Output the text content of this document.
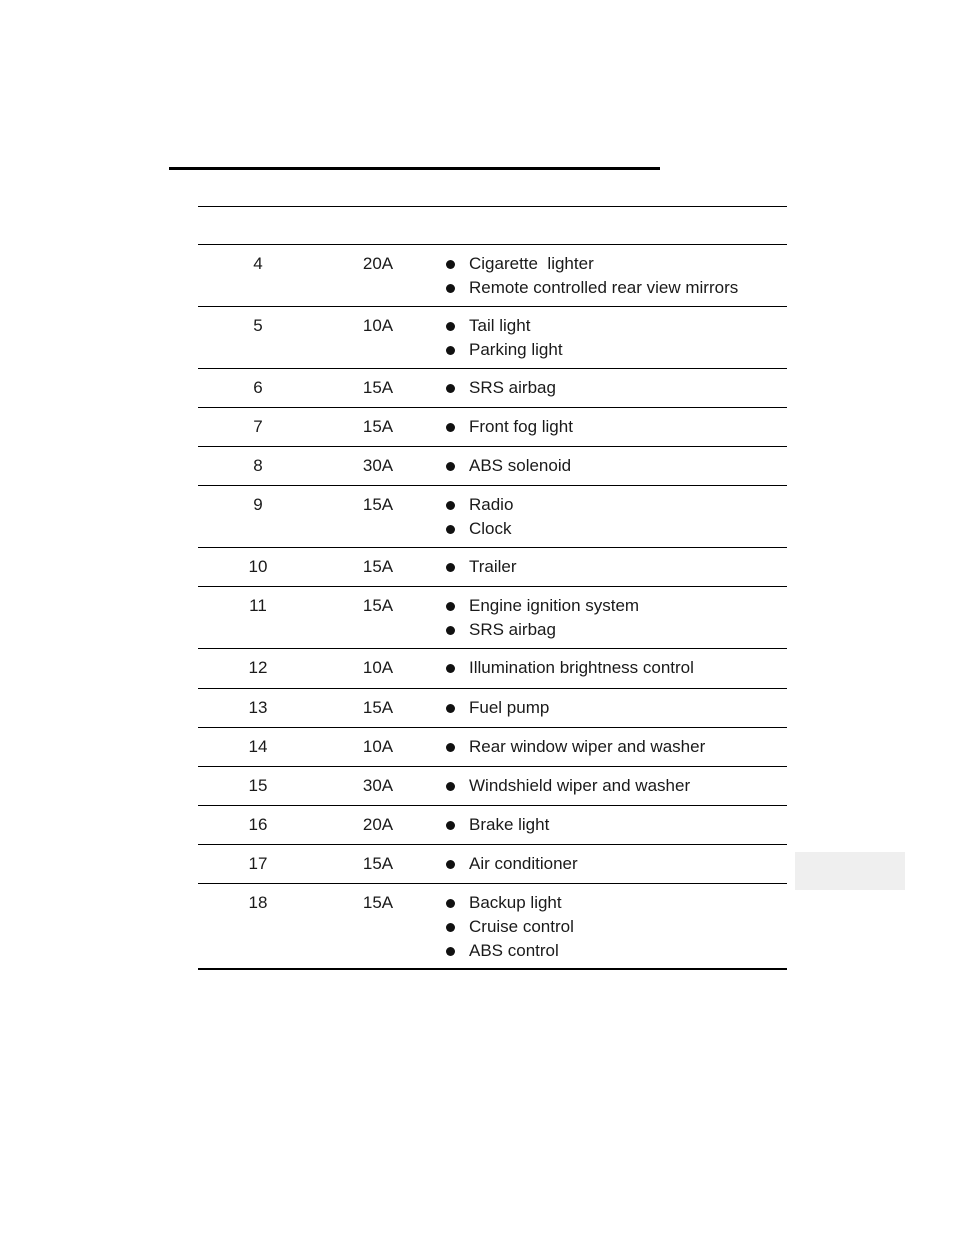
4	20A	Cigarette  lighter
Remote controlled rear view mirrors
5	10A	Tail light
Parking light
6	15A	SRS airbag
7	15A	Front fog light
8	30A	ABS solenoid
9	15A	Radio
Clock
10	15A	Trailer
11	15A	Engine ignition system
SRS airbag
12	10A	Illumination brightness control
13	15A	Fuel pump
14	10A	Rear window wiper and washer
15	30A	Windshield wiper and washer
16	20A	Brake light
17	15A	Air conditioner
18	15A	Backup light
Cruise control
ABS control
